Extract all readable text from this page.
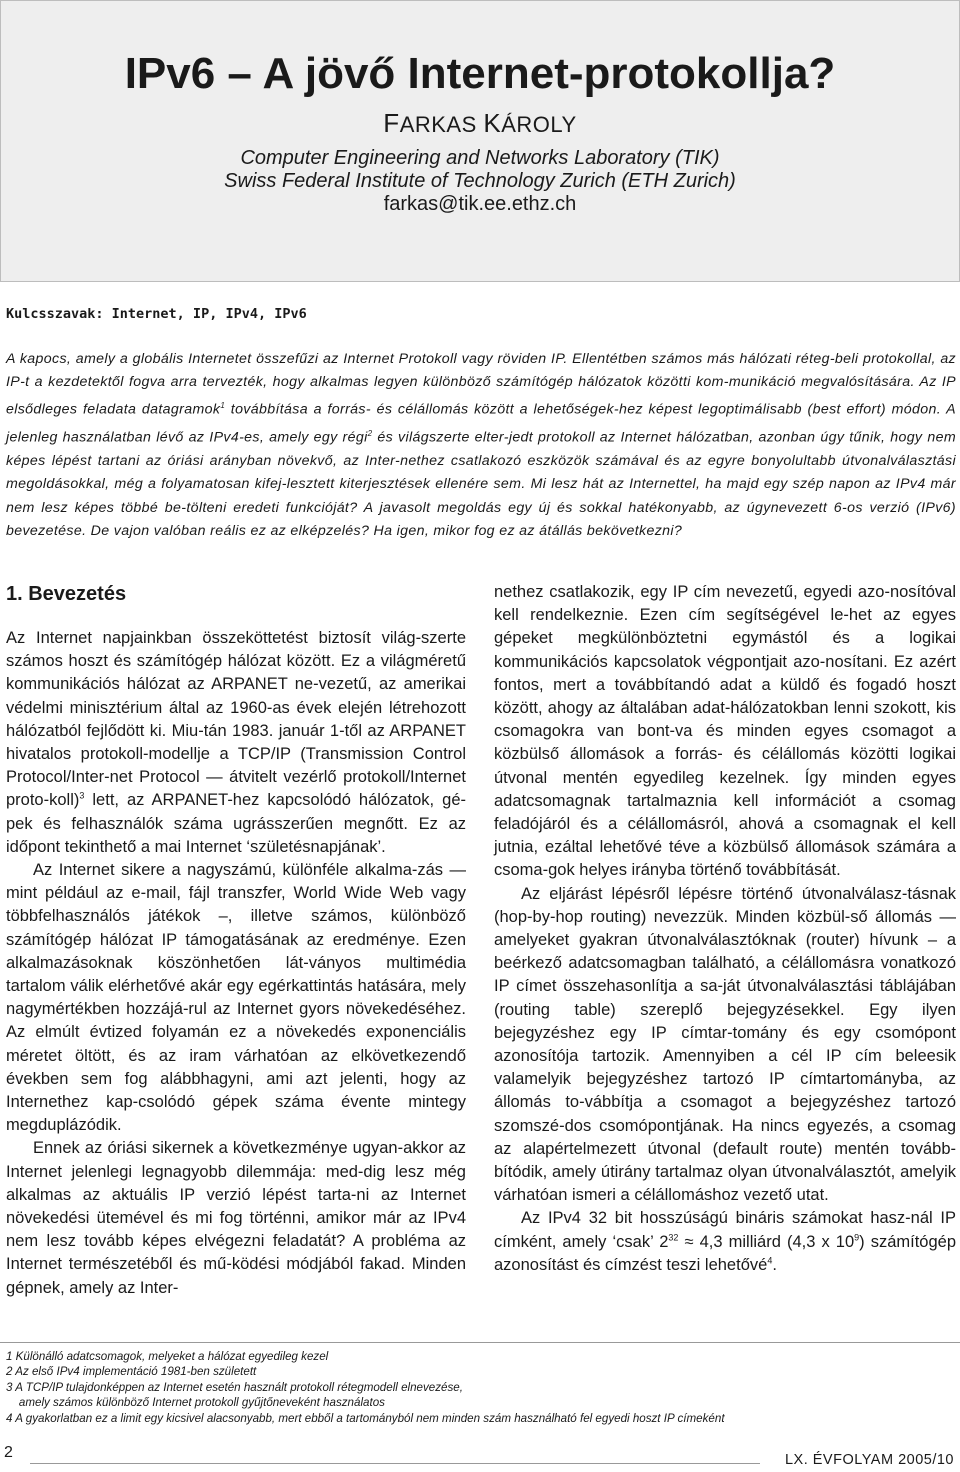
IPv6 – A jövő Internet-protokollja?
FARKAS KÁROLY
Computer Engineering and Networks Laboratory (TIK)
Swiss Federal Institute of Technology Zurich (ETH Zurich)
farkas@tik.ee.ethz.ch
Kulcsszavak: Internet, IP, IPv4, IPv6
A kapocs, amely a globális Internetet összefűzi az Internet Protokoll vagy röviden IP. Ellentétben számos más hálózati réteg-beli protokollal, az IP-t a kezdetektől fogva arra tervezték, hogy alkalmas legyen különböző számítógép hálózatok közötti kom-munikáció megvalósítására. Az IP elsődleges feladata datagramok$^1$ továbbítása a forrás- és célállomás között a lehetőségek-hez képest legoptimálisabb (best effort) módon. A jelenleg használatban lévő az IPv4-es, amely egy régi$^2$ és világszerte elter-jedt protokoll az Internet hálózatban, azonban úgy tűnik, hogy nem képes lépést tartani az óriási arányban növekvő, az Inter-nethez csatlakozó eszközök számával és az egyre bonyolultabb útvonalválasztási megoldásokkal, még a folyamatosan kifej-lesztett kiterjesztések ellenére sem. Mi lesz hát az Internettel, ha majd egy szép napon az IPv4 már nem lesz képes többé be-tölteni eredeti funkcióját? A javasolt megoldás egy új és sokkal hatékonyabb, az úgynevezett 6-os verzió (IPv6) bevezetése. De vajon valóban reális ez az elképzelés? Ha igen, mikor fog ez az átállás bekövetkezni?
1. Bevezetés

Az Internet napjainkban összeköttetést biztosít világ-szerte számos hoszt és számítógép hálózat között. Ez a világméretű kommunikációs hálózat az ARPANET ne-vezetű, az amerikai védelmi minisztérium által az 1960-as évek elején létrehozott hálózatból fejlődött ki. Miu-tán 1983. január 1-től az ARPANET hivatalos protokoll-modellje a TCP/IP (Transmission Control Protocol/Inter-net Protocol — átvitelt vezérlő protokoll/Internet proto-koll)$^3$ lett, az ARPANET-hez kapcsolódó hálózatok, gé-pek és felhasználók száma ugrásszerűen megnőtt. Ez az időpont tekinthető a mai Internet ‘születésnapjának’.

Az Internet sikere a nagyszámú, különféle alkalma-zás — mint például az e-mail, fájl transzfer, World Wide Web vagy többfelhasználós játékok –, illetve számos, különböző számítógép hálózat IP támogatásának az eredménye. Ezen alkalmazásoknak köszönhetően lát-ványos multimédia tartalom válik elérhetővé akár egy egérkattintás hatására, mely nagymértékben hozzájá-rul az Internet gyors növekedéséhez. Az elmúlt évtized folyamán ez a növekedés exponenciális méretet öltött, és az iram várhatóan az elkövetkezendő években sem fog alábbhagyni, ami azt jelenti, hogy az Internethez kap-csolódó gépek száma évente mintegy megduplázódik.

Ennek az óriási sikernek a következménye ugyan-akkor az Internet jelenlegi legnagyobb dilemmája: med-dig lesz még alkalmas az aktuális IP verzió lépést tarta-ni az Internet növekedési ütemével és mi fog történni, amikor már az IPv4 nem lesz tovább képes elvégezni feladatát? A probléma az Internet természetéből és mű-ködési módjából fakad. Minden gépnek, amely az Inter-

nethez csatlakozik, egy IP cím nevezetű, egyedi azo-nosítóval kell rendelkeznie. Ezen cím segítségével le-het az egyes gépeket megkülönböztetni egymástól és a logikai kommunikációs kapcsolatok végpontjait azo-nosítani. Ez azért fontos, mert a továbbítandó adat a küldő és fogadó hoszt között, ahogy az általában adat-hálózatokban lenni szokott, kis csomagokra van bont-va és minden egyes csomagot a közbülső állomások a forrás- és célállomás közötti logikai útvonal mentén egyedileg kezelnek. Így minden egyes adatcsomagnak tartalmaznia kell információt a csomag feladójáról és a célállomásról, ahová a csomagnak el kell jutnia, ezáltal lehetővé téve a közbülső állomások számára a csoma-gok helyes irányba történő továbbítását.

Az eljárást lépésről lépésre történő útvonalválasz-tásnak (hop-by-hop routing) nevezzük. Minden közbül-ső állomás — amelyeket gyakran útvonalválasztóknak (router) hívunk – a beérkező adatcsomagban található, a célállomásra vonatkozó IP címet összehasonlítja a sa-ját útvonalválasztási táblájában (routing table) szereplő bejegyzésekkel. Egy ilyen bejegyzéshez egy IP címtar-tomány és egy csomópont azonosítója tartozik. Amennyiben a cél IP cím beleesik valamelyik bejegyzéshez tartozó IP címtartományba, az állomás to-vábbítja a csomagot a bejegyzéshez tartozó szomszé-dos csomópontjának. Ha nincs egyezés, a csomag az alapértelmezett útvonal (default route) mentén tovább-bítódik, amely útirány tartalmaz olyan útvonalválasztót, amelyik várhatóan ismeri a célállomáshoz vezető utat.

Az IPv4 32 bit hosszúságú bináris számokat hasz-nál IP címként, amely ‘csak’ $2^{32} \approx 4,3$ milliárd (4,3 x $10^9$) számítógép azonosítást és címzést teszi lehetővé$^4$.

1 Különálló adatcsomagok, melyeket a hálózat egyedileg kezel
2 Az első IPv4 implementáció 1981-ben született
3 A TCP/IP tulajdonképpen az Internet esetén használt protokoll rétegmodell elnevezése,
amely számos különböző Internet protokoll gyűjtőneveként használatos
4 A gyakorlatban ez a limit egy kicsivel alacsonyabb, mert ebből a tartományból nem minden szám használható fel egyedi hoszt IP címeként
2	LX. ÉVFOLYAM 2005/10
